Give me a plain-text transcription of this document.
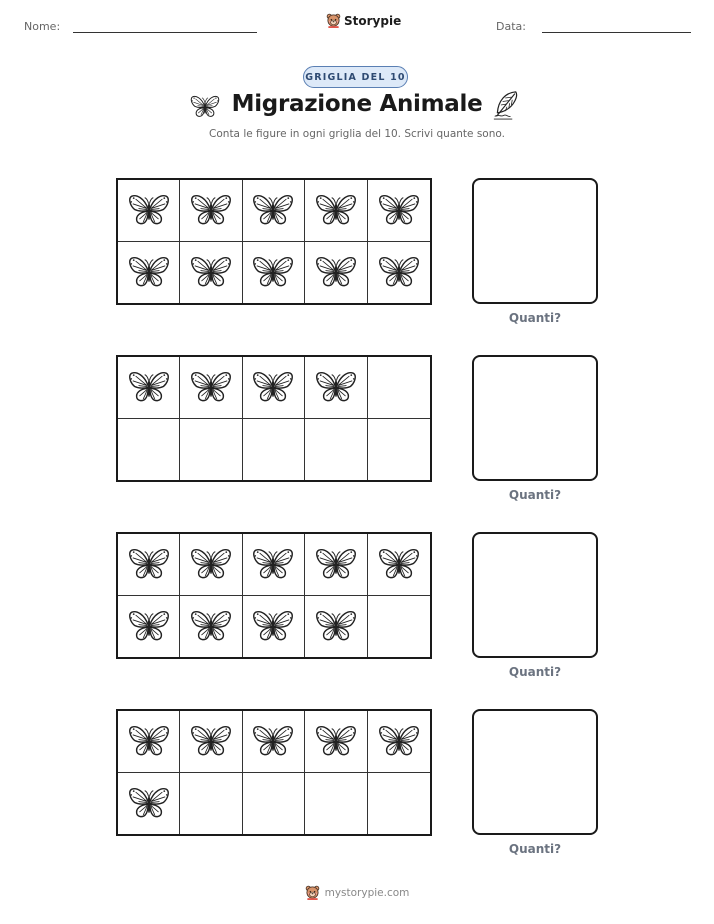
Nome:	Storypie	Data:
GRIGLIA DEL 10
Migrazione Animale
Conta le figure in ogni griglia del 10. Scrivi quante sono.
Quanti?
Quanti?
Quanti?
Quanti?
mystorypie.com
